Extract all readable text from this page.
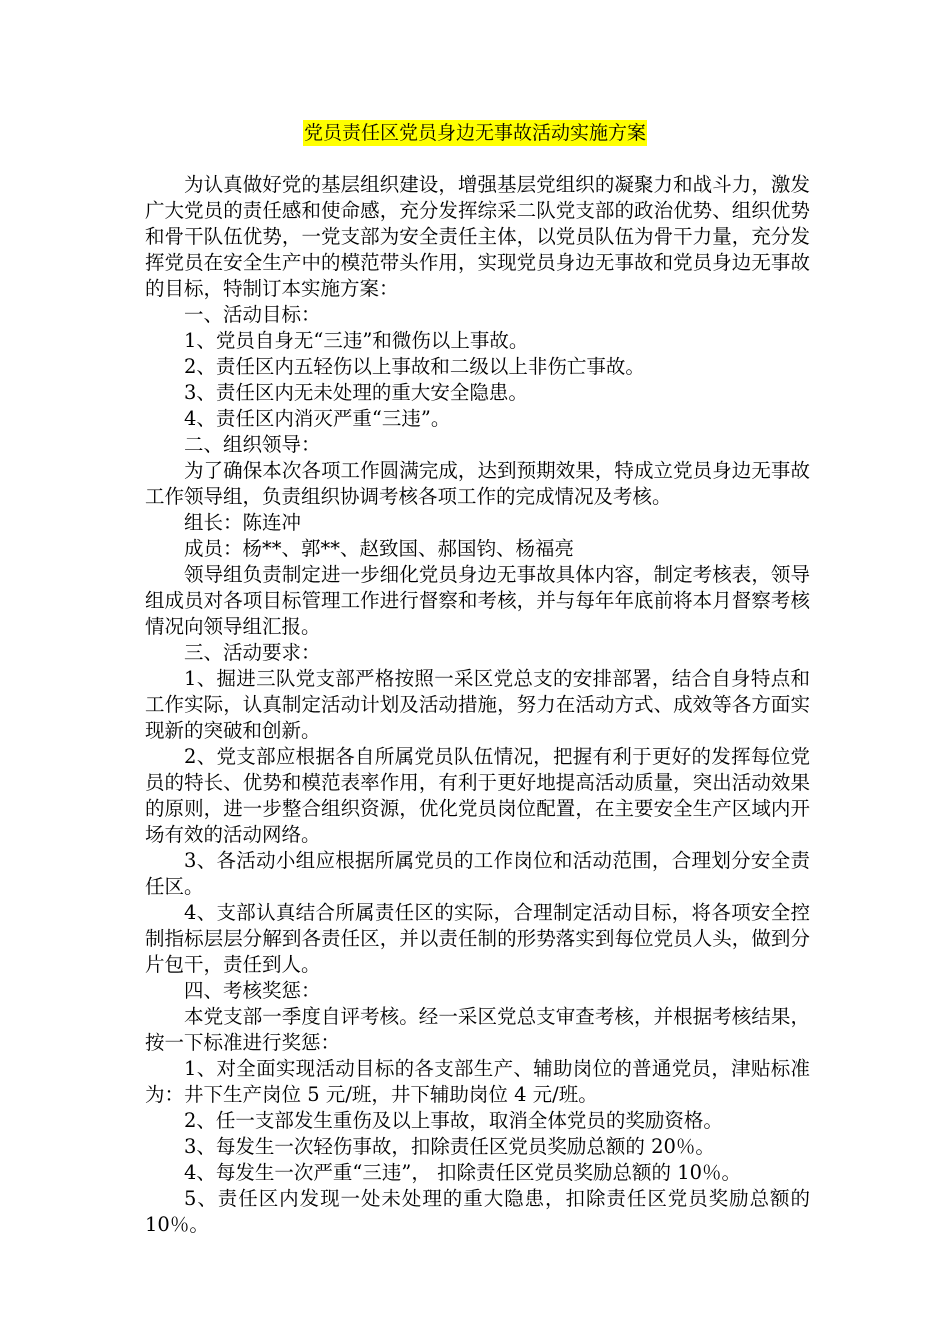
党员责任区党员身边无事故活动实施方案

为认真做好党的基层组织建设，增强基层党组织的凝聚力和战斗力，激发广大党员的责任感和使命感，充分发挥综采二队党支部的政治优势、组织优势和骨干队伍优势，一党支部为安全责任主体，以党员队伍为骨干力量，充分发挥党员在安全生产中的模范带头作用，实现党员身边无事故和党员身边无事故的目标，特制订本实施方案：

一、活动目标：

1、党员自身无“三违”和微伤以上事故。

2、责任区内五轻伤以上事故和二级以上非伤亡事故。

3、责任区内无未处理的重大安全隐患。

4、责任区内消灭严重“三违”。

二、组织领导：

为了确保本次各项工作圆满完成，达到预期效果，特成立党员身边无事故工作领导组，负责组织协调考核各项工作的完成情况及考核。

组长：陈连冲

成员：杨**、郭**、赵致国、郝国钧、杨福亮

领导组负责制定进一步细化党员身边无事故具体内容，制定考核表，领导组成员对各项目标管理工作进行督察和考核，并与每年年底前将本月督察考核情况向领导组汇报。

三、活动要求：

1、掘进三队党支部严格按照一采区党总支的安排部署，结合自身特点和工作实际，认真制定活动计划及活动措施，努力在活动方式、成效等各方面实现新的突破和创新。

2、党支部应根据各自所属党员队伍情况，把握有利于更好的发挥每位党员的特长、优势和模范表率作用，有利于更好地提高活动质量，突出活动效果的原则，进一步整合组织资源，优化党员岗位配置，在主要安全生产区域内开场有效的活动网络。

3、各活动小组应根据所属党员的工作岗位和活动范围，合理划分安全责任区。

4、支部认真结合所属责任区的实际，合理制定活动目标，将各项安全控制指标层层分解到各责任区，并以责任制的形势落实到每位党员人头，做到分片包干，责任到人。

四、考核奖惩：

本党支部一季度自评考核。经一采区党总支审查考核，并根据考核结果，按一下标准进行奖惩：

1、对全面实现活动目标的各支部生产、辅助岗位的普通党员，津贴标准为：井下生产岗位 5 元/班，井下辅助岗位 4 元/班。

2、任一支部发生重伤及以上事故，取消全体党员的奖励资格。

3、每发生一次轻伤事故，扣除责任区党员奖励总额的 20％。

4、每发生一次严重“三违”， 扣除责任区党员奖励总额的 10％。

5、责任区内发现一处未处理的重大隐患，扣除责任区党员奖励总额的 10％。
